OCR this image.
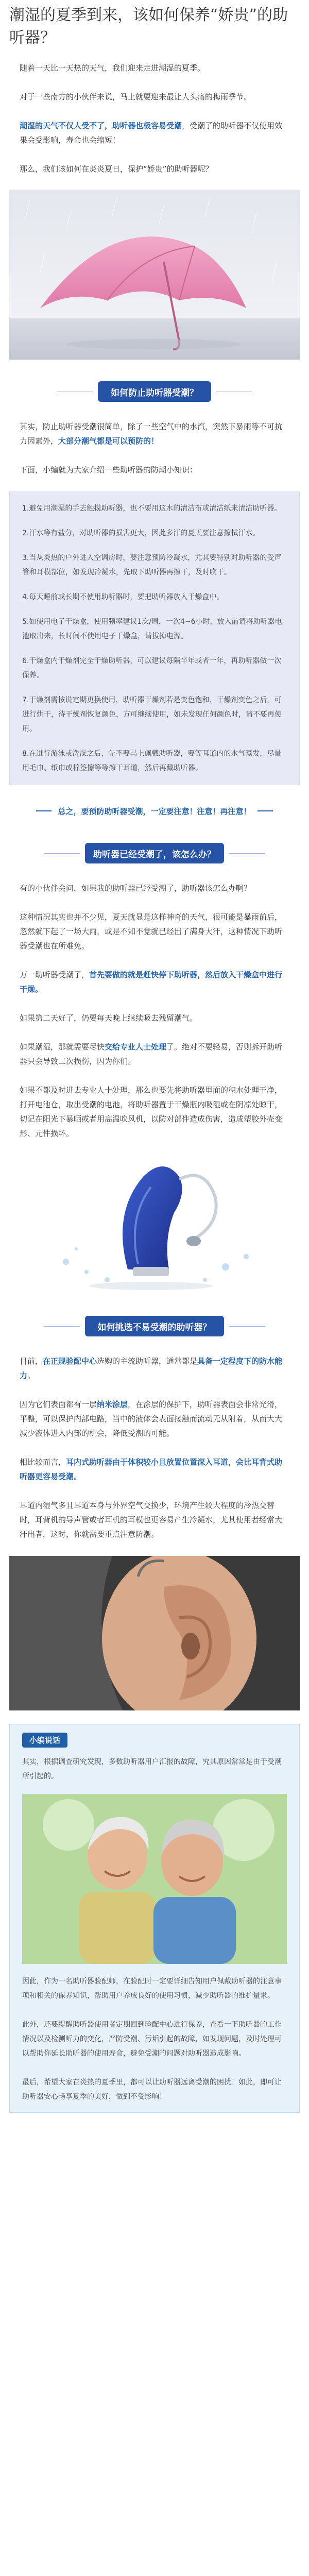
潮湿的夏季到来，该如何保养“娇贵”的助听器？

随着一天比一天热的天气，我们迎来走进潮湿的夏季。

对于一些南方的小伙伴来说，马上就要迎来最让人头痛的梅雨季节。

潮湿的天气不仅人受不了，助听器也极容易受潮，受潮了的助听器不仅使用效果会受影响，寿命也会缩短！

那么，我们该如何在炎炎夏日，保护“娇贵”的助听器呢？

如何防止助听器受潮？

其实，防止助听器受潮很简单，除了一些空气中的水汽，突然下暴雨等不可抗力因素外，大部分潮气都是可以预防的！

下面，小编就为大家介绍一些助听器的防潮小知识：

1.避免用潮湿的手去触摸助听器，也不要用这水的清洁布或清洁纸来清洁助听器。

2.汗水等有盐分，对助听器的损害更大，因此多汗的夏天要注意擦拭汗水。

3.当从炎热的户外进入空调房时，要注意预防冷凝水，尤其要特别对助听器的受声管和耳模部位，如发现冷凝水，先取下助听器再擦干，及时吹干。

4.每天睡前或长期不使用助听器时，要把助听器放入干燥盒中。

5.如使用电子干燥盒，使用频率建议1次/周，一次4~6小时，放入前请将助听器电池取出来，长时间不使用电子干燥盒，请拔掉电源。

6.干燥盒内干燥剂完全干燥助听器，可以建议每隔半年或者一年，再助听器做一次保养。

7.干燥剂需按说定期更换使用，助听器干燥剂若是变色饱和，干燥剂变色之后，可进行烘干，待干燥剂恢复颜色，方可继续使用，如未发现任何颜色时，请不要再使用。

8.在进行游泳或洗澡之后，先不要马上佩戴助听器，要等耳道内的水气蒸发，尽量用毛巾、纸巾或棉签擦等等擦干耳道，然后再戴助听器。

总之，要预防助听器受潮，一定要注意！注意！再注意！
助听器已经受潮了，该怎么办？

有的小伙伴会问，如果我的助听器已经受潮了，助听器该怎么办啊？

这种情况其实也并不少见，夏天就显是这样神奇的天气，很可能是暴雨前后，忽然就下起了一场大雨，或是不知不觉就已经出了满身大汗，这种情况下助听器受潮也在所难免。

万一助听器受潮了，首先要做的就是赶快停下助听器，然后放入干燥盒中进行干燥。

如果第二天好了，仍要每天晚上继续吸去残留潮气。

如果潮湿，那就需要尽快交给专业人士处理了。绝对不要轻易，否则拆开助听器只会导致二次损伤，因为你们。

如果不都及时进去专业人士处理，那么也要先将助听器里面的积水处理干净，打开电池仓，取出受潮的电池，将助听器置于干燥瓶内吸湿或在阴凉处晾干，切记在阳光下暴晒或者用高温吹风机，以防对部件造成伤害，造成塑胶外壳变形、元件损坏。

如何挑选不易受潮的助听器？

目前，在正规验配中心选购的主流助听器，通常都是具备一定程度下的防水能力。

因为它们表面都有一层纳米涂层，在涂层的保护下，助听器表面会非常光滑，平整，可以保护内部电路，当中的液体会表面接触而流动无从附着，从而大大减少液体进入内部的机会，降低受潮的可能。

相比较而言，耳内式助听器由于体积较小且放置位置深入耳道，会比耳背式助听器更容易受潮。

耳道内湿气多且耳道本身与外界空气交换少，环境产生较大程度的冷热交替时，耳背机的导声管或者耳机的耳模也更容易产生冷凝水，尤其使用者经常大汗出者，这时，你就需要重点注意防潮。

小编说话

其实，根据调查研究发现，多数助听器用户汇报的故障，究其原因常常是由于受潮所引起的。

因此，作为一名助听器验配师，在验配时一定要详细告知用户佩戴助听器的注意事项和相关的保养知识，帮助用户养成良好的使用习惯，减少助听器的维护量求。

此外，还要提醒助听器使用者定期回到验配中心进行保养，查看一下助听器的工作情况以及检测听力的变化，严防受潮、污垢引起的故障，如发现问题，及时处理可以帮助你延长助听器的使用寿命，避免受潮的问题对助听器造成影响。

最后，希望大家在炎热的夏季里，都可以让助听器远离受潮的困扰！如此，即可让助听器安心畅享夏季的美好，做到不受影响！
